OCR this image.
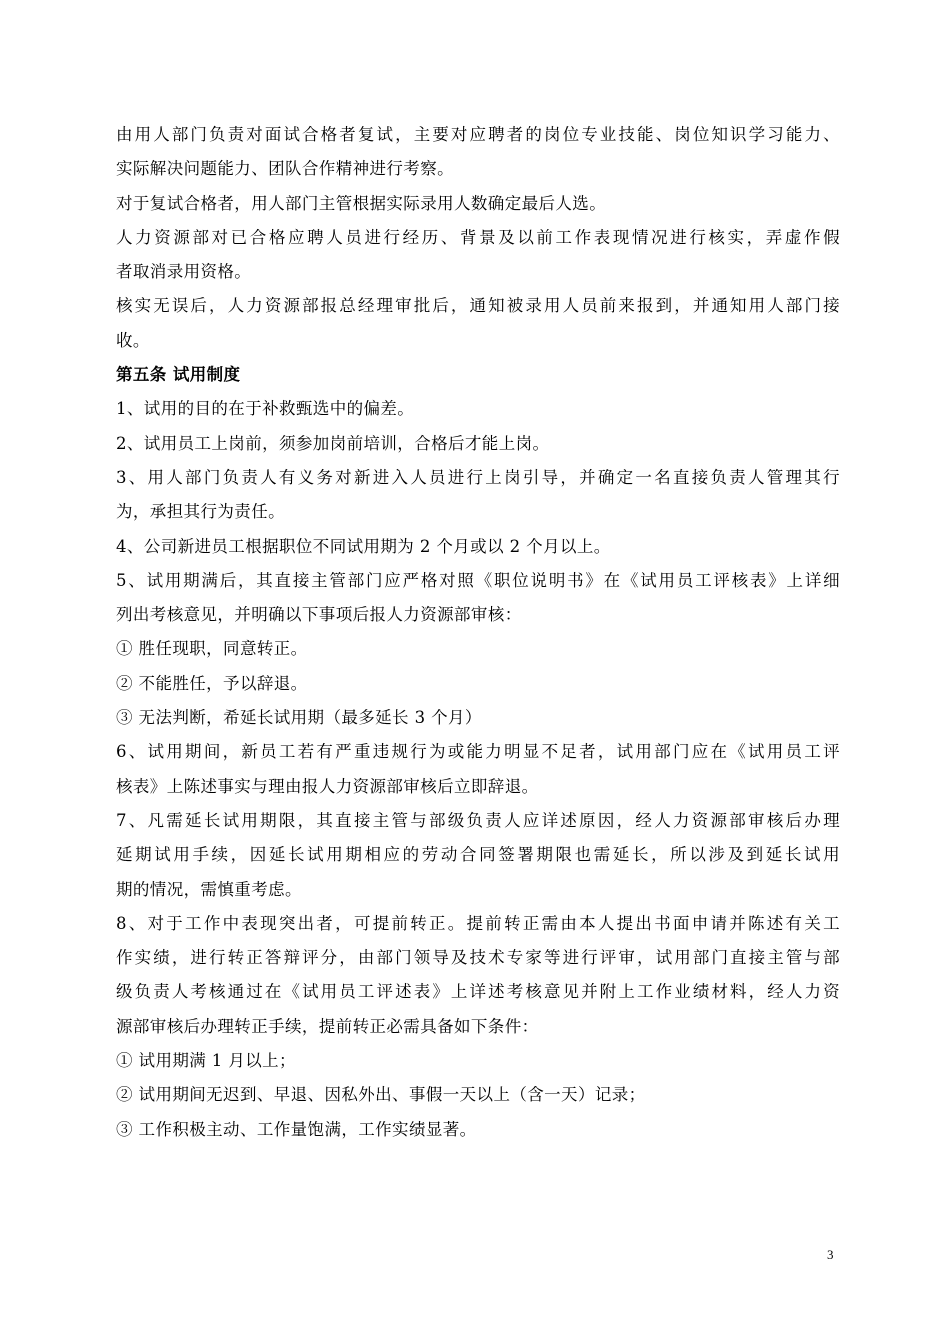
由用人部门负责对面试合格者复试，主要对应聘者的岗位专业技能、岗位知识学习能力、
实际解决问题能力、团队合作精神进行考察。
对于复试合格者，用人部门主管根据实际录用人数确定最后人选。
人力资源部对已合格应聘人员进行经历、背景及以前工作表现情况进行核实，弄虚作假
者取消录用资格。
核实无误后，人力资源部报总经理审批后，通知被录用人员前来报到，并通知用人部门接
收。
第五条 试用制度
1、试用的目的在于补救甄选中的偏差。
2、试用员工上岗前，须参加岗前培训，合格后才能上岗。
3、用人部门负责人有义务对新进入人员进行上岗引导，并确定一名直接负责人管理其行
为，承担其行为责任。
4、公司新进员工根据职位不同试用期为 2 个月或以 2 个月以上。
5、试用期满后，其直接主管部门应严格对照《职位说明书》在《试用员工评核表》上详细
列出考核意见，并明确以下事项后报人力资源部审核：
① 胜任现职，同意转正。
② 不能胜任，予以辞退。
③ 无法判断，希延长试用期（最多延长 3 个月）
6、试用期间，新员工若有严重违规行为或能力明显不足者，试用部门应在《试用员工评
核表》上陈述事实与理由报人力资源部审核后立即辞退。
7、凡需延长试用期限，其直接主管与部级负责人应详述原因，经人力资源部审核后办理
延期试用手续，因延长试用期相应的劳动合同签署期限也需延长，所以涉及到延长试用
期的情况，需慎重考虑。
8、对于工作中表现突出者，可提前转正。提前转正需由本人提出书面申请并陈述有关工
作实绩，进行转正答辩评分，由部门领导及技术专家等进行评审，试用部门直接主管与部
级负责人考核通过在《试用员工评述表》上详述考核意见并附上工作业绩材料，经人力资
源部审核后办理转正手续，提前转正必需具备如下条件：
① 试用期满 1 月以上；
② 试用期间无迟到、早退、因私外出、事假一天以上（含一天）记录；
③ 工作积极主动、工作量饱满，工作实绩显著。
3
